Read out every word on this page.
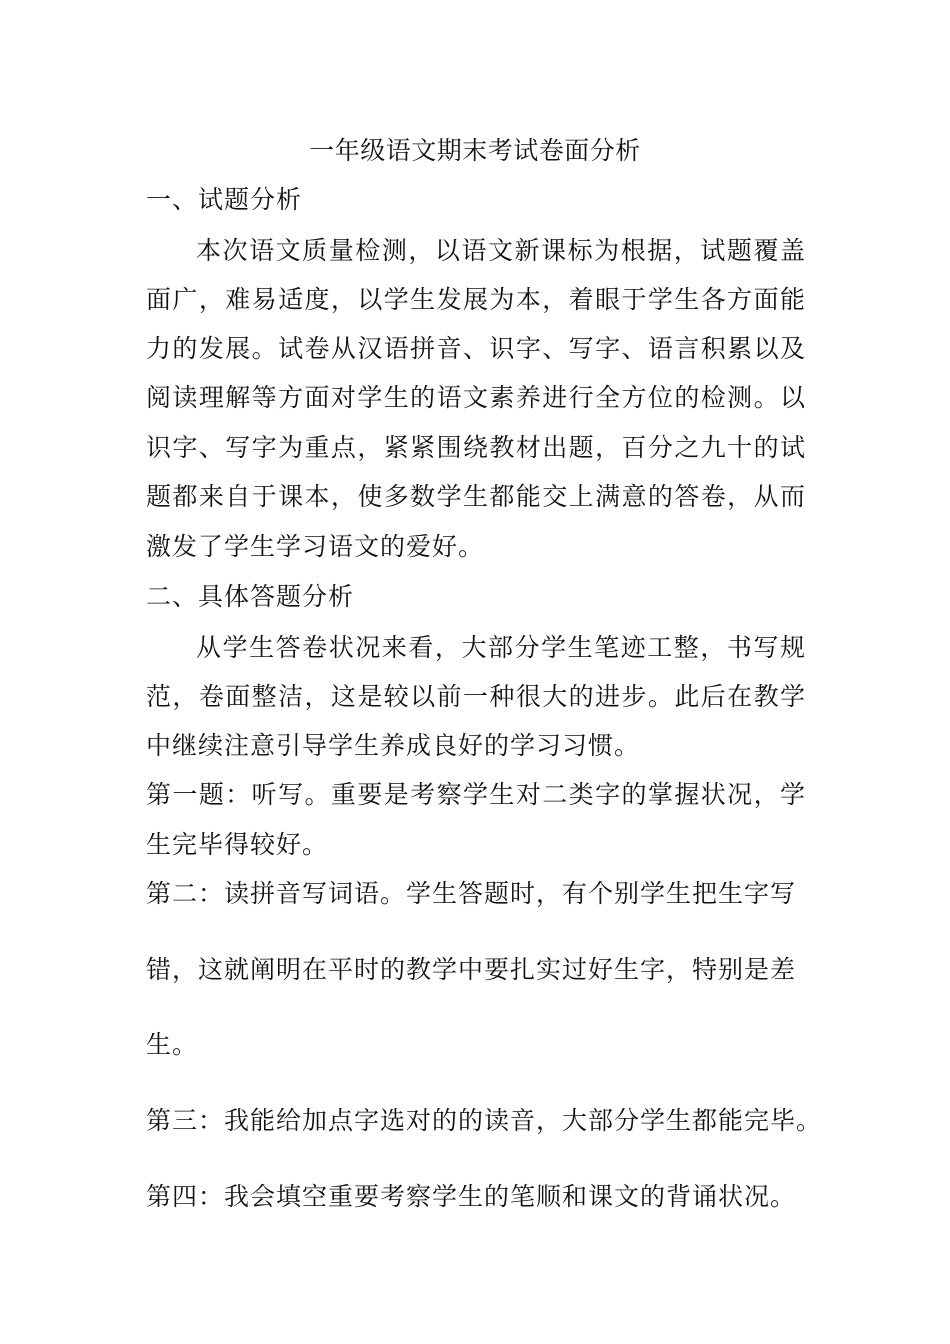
一年级语文期末考试卷面分析
一、试题分析
本次语文质量检测，以语文新课标为根据，试题覆盖
面广，难易适度，以学生发展为本，着眼于学生各方面能
力的发展。试卷从汉语拼音、识字、写字、语言积累以及
阅读理解等方面对学生的语文素养进行全方位的检测。以
识字、写字为重点，紧紧围绕教材出题，百分之九十的试
题都来自于课本，使多数学生都能交上满意的答卷，从而
激发了学生学习语文的爱好。
二、具体答题分析
从学生答卷状况来看，大部分学生笔迹工整，书写规
范，卷面整洁，这是较以前一种很大的进步。此后在教学
中继续注意引导学生养成良好的学习习惯。
第一题：听写。重要是考察学生对二类字的掌握状况，学
生完毕得较好。
第二：读拼音写词语。学生答题时，有个别学生把生字写
错，这就阐明在平时的教学中要扎实过好生字，特别是差
生。
第三：我能给加点字选对的的读音，大部分学生都能完毕。
第四：我会填空重要考察学生的笔顺和课文的背诵状况。
